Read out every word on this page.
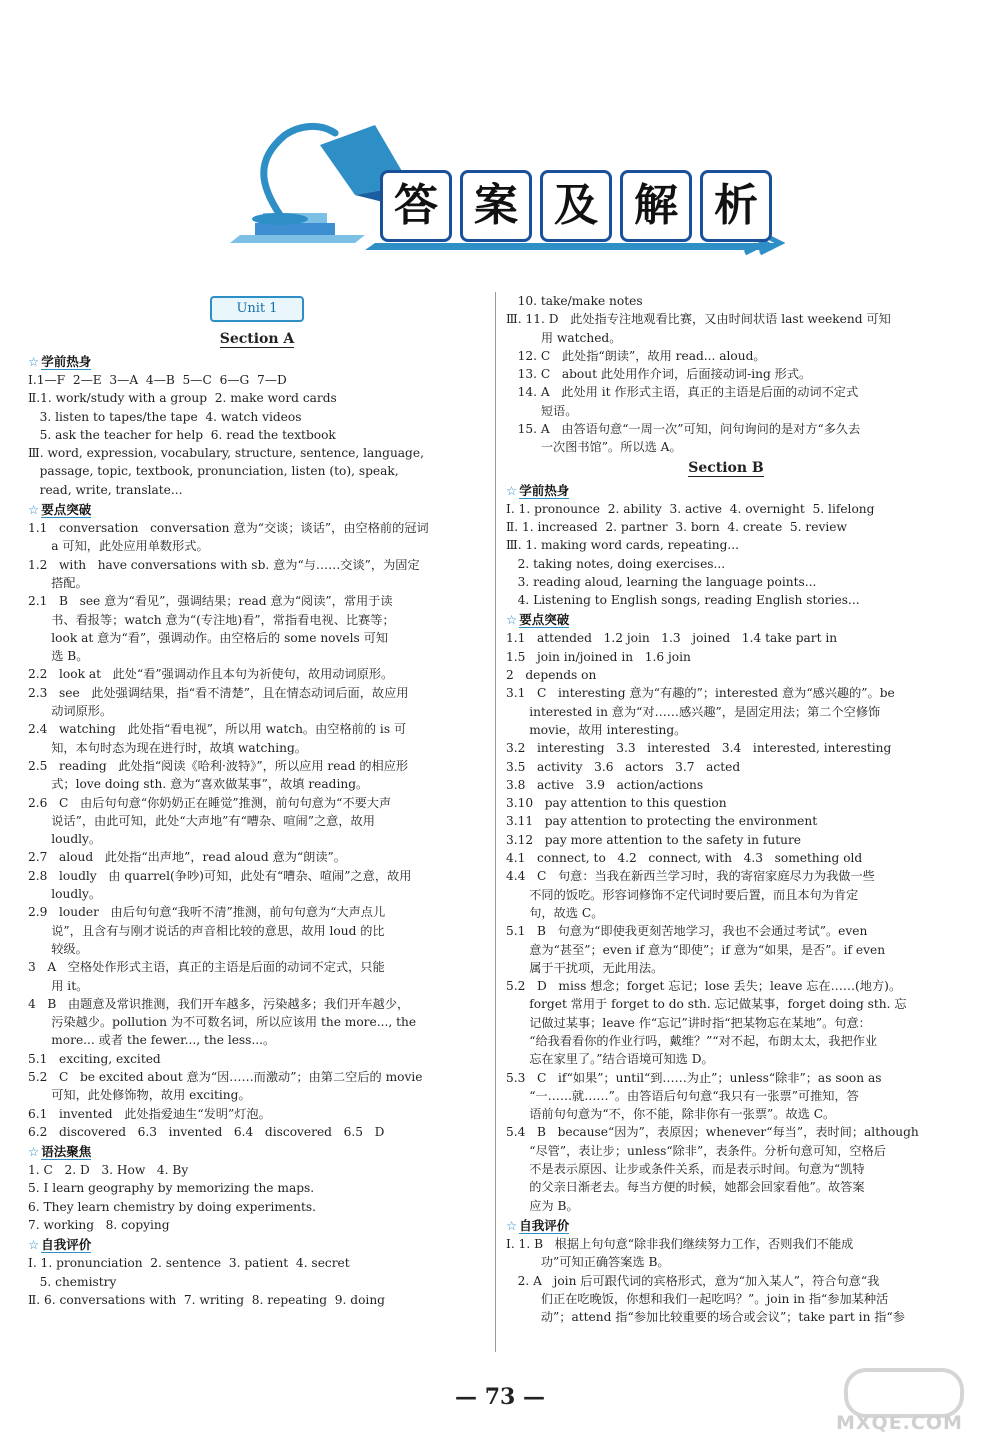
答 案 及 解 析
Unit 1
Section A
☆ 学前热身
Ⅰ.1—F  2—E  3—A  4—B  5—C  6—G  7—D
Ⅱ.1. work/study with a group  2. make word cards
3. listen to tapes/the tape  4. watch videos
5. ask the teacher for help  6. read the textbook
Ⅲ. word, expression, vocabulary, structure, sentence, language,
passage, topic, textbook, pronunciation, listen (to), speak,
read, write, translate...
☆ 要点突破
1.1   conversation   conversation 意为“交谈；谈话”，由空格前的冠词
a 可知，此处应用单数形式。
1.2   with   have conversations with sb. 意为“与……交谈”，为固定
搭配。
2.1   B   see 意为“看见”，强调结果；read 意为“阅读”，常用于读
书、看报等；watch 意为“(专注地)看”，常指看电视、比赛等；
look at 意为“看”，强调动作。由空格后的 some novels 可知
选 B。
2.2   look at   此处“看”强调动作且本句为祈使句，故用动词原形。
2.3   see   此处强调结果，指“看不清楚”，且在情态动词后面，故应用
动词原形。
2.4   watching   此处指“看电视”，所以用 watch。由空格前的 is 可
知，本句时态为现在进行时，故填 watching。
2.5   reading   此处指“阅读《哈利·波特》”，所以应用 read 的相应形
式；love doing sth. 意为“喜欢做某事”，故填 reading。
2.6   C   由后句句意“你奶奶正在睡觉”推测，前句句意为“不要大声
说话”，由此可知，此处“大声地”有“嘈杂、喧闹”之意，故用
loudly。
2.7   aloud   此处指“出声地”，read aloud 意为“朗读”。
2.8   loudly   由 quarrel(争吵)可知，此处有“嘈杂、喧闹”之意，故用
loudly。
2.9   louder   由后句句意“我听不清”推测，前句句意为“大声点儿
说”，且含有与刚才说话的声音相比较的意思，故用 loud 的比
较级。
3   A   空格处作形式主语，真正的主语是后面的动词不定式，只能
用 it。
4   B   由题意及常识推测，我们开车越多，污染越多；我们开车越少，
污染越少。pollution 为不可数名词，所以应该用 the more..., the
more... 或者 the fewer..., the less...。
5.1   exciting, excited
5.2   C   be excited about 意为“因……而激动”；由第二空后的 movie
可知，此处修饰物，故用 exciting。
6.1   invented   此处指爱迪生“发明”灯泡。
6.2   discovered   6.3   invented   6.4   discovered   6.5   D
☆ 语法聚焦
1. C   2. D   3. How   4. By
5. I learn geography by memorizing the maps.
6. They learn chemistry by doing experiments.
7. working   8. copying
☆ 自我评价
Ⅰ. 1. pronunciation  2. sentence  3. patient  4. secret
5. chemistry
Ⅱ. 6. conversations with  7. writing  8. repeating  9. doing
10. take/make notes
Ⅲ. 11. D   此处指专注地观看比赛，又由时间状语 last weekend 可知
用 watched。
12. C   此处指“朗读”，故用 read... aloud。
13. C   about 此处用作介词，后面接动词-ing 形式。
14. A   此处用 it 作形式主语，真正的主语是后面的动词不定式
短语。
15. A   由答语句意“一周一次”可知，问句询问的是对方“多久去
一次图书馆”。所以选 A。
Section B
☆ 学前热身
Ⅰ. 1. pronounce  2. ability  3. active  4. overnight  5. lifelong
Ⅱ. 1. increased  2. partner  3. born  4. create  5. review
Ⅲ. 1. making word cards, repeating...
2. taking notes, doing exercises...
3. reading aloud, learning the language points...
4. Listening to English songs, reading English stories...
☆ 要点突破
1.1   attended   1.2 join   1.3   joined   1.4 take part in
1.5   join in/joined in   1.6 join
2   depends on
3.1   C   interesting 意为“有趣的”；interested 意为“感兴趣的”。be
interested in 意为“对……感兴趣”，是固定用法；第二个空修饰
movie，故用 interesting。
3.2   interesting   3.3   interested   3.4   interested, interesting
3.5   activity   3.6   actors   3.7   acted
3.8   active   3.9   action/actions
3.10   pay attention to this question
3.11   pay attention to protecting the environment
3.12   pay more attention to the safety in future
4.1   connect, to   4.2   connect, with   4.3   something old
4.4   C   句意：当我在新西兰学习时，我的寄宿家庭尽力为我做一些
不同的饭吃。形容词修饰不定代词时要后置，而且本句为肯定
句，故选 C。
5.1   B   句意为“即使我更刻苦地学习，我也不会通过考试”。even
意为“甚至”；even if 意为“即使”；if 意为“如果，是否”。if even
属于干扰项，无此用法。
5.2   D   miss 想念；forget 忘记；lose 丢失；leave 忘在……(地方)。
forget 常用于 forget to do sth. 忘记做某事，forget doing sth. 忘
记做过某事；leave 作“忘记”讲时指“把某物忘在某地”。句意：
“给我看看你的作业行吗，戴维？”“对不起，布朗太太，我把作业
忘在家里了。”结合语境可知选 D。
5.3   C   if“如果”；until“到……为止”；unless“除非”；as soon as
“一……就……”。由答语后句句意“我只有一张票”可推知，答
语前句句意为“不，你不能，除非你有一张票”。故选 C。
5.4   B   because“因为”，表原因；whenever“每当”，表时间；although
“尽管”，表让步；unless“除非”，表条件。分析句意可知，空格后
不是表示原因、让步或条件关系，而是表示时间。句意为“凯特
的父亲日渐老去。每当方便的时候，她都会回家看他”。故答案
应为 B。
☆ 自我评价
Ⅰ. 1. B   根据上句句意“除非我们继续努力工作，否则我们不能成
功”可知正确答案选 B。
2. A   join 后可跟代词的宾格形式，意为“加入某人”，符合句意“我
们正在吃晚饭，你想和我们一起吃吗？”。join in 指“参加某种活
动”；attend 指“参加比较重要的场合或会议”；take part in 指“参
— 73 —
MXQE.COM
